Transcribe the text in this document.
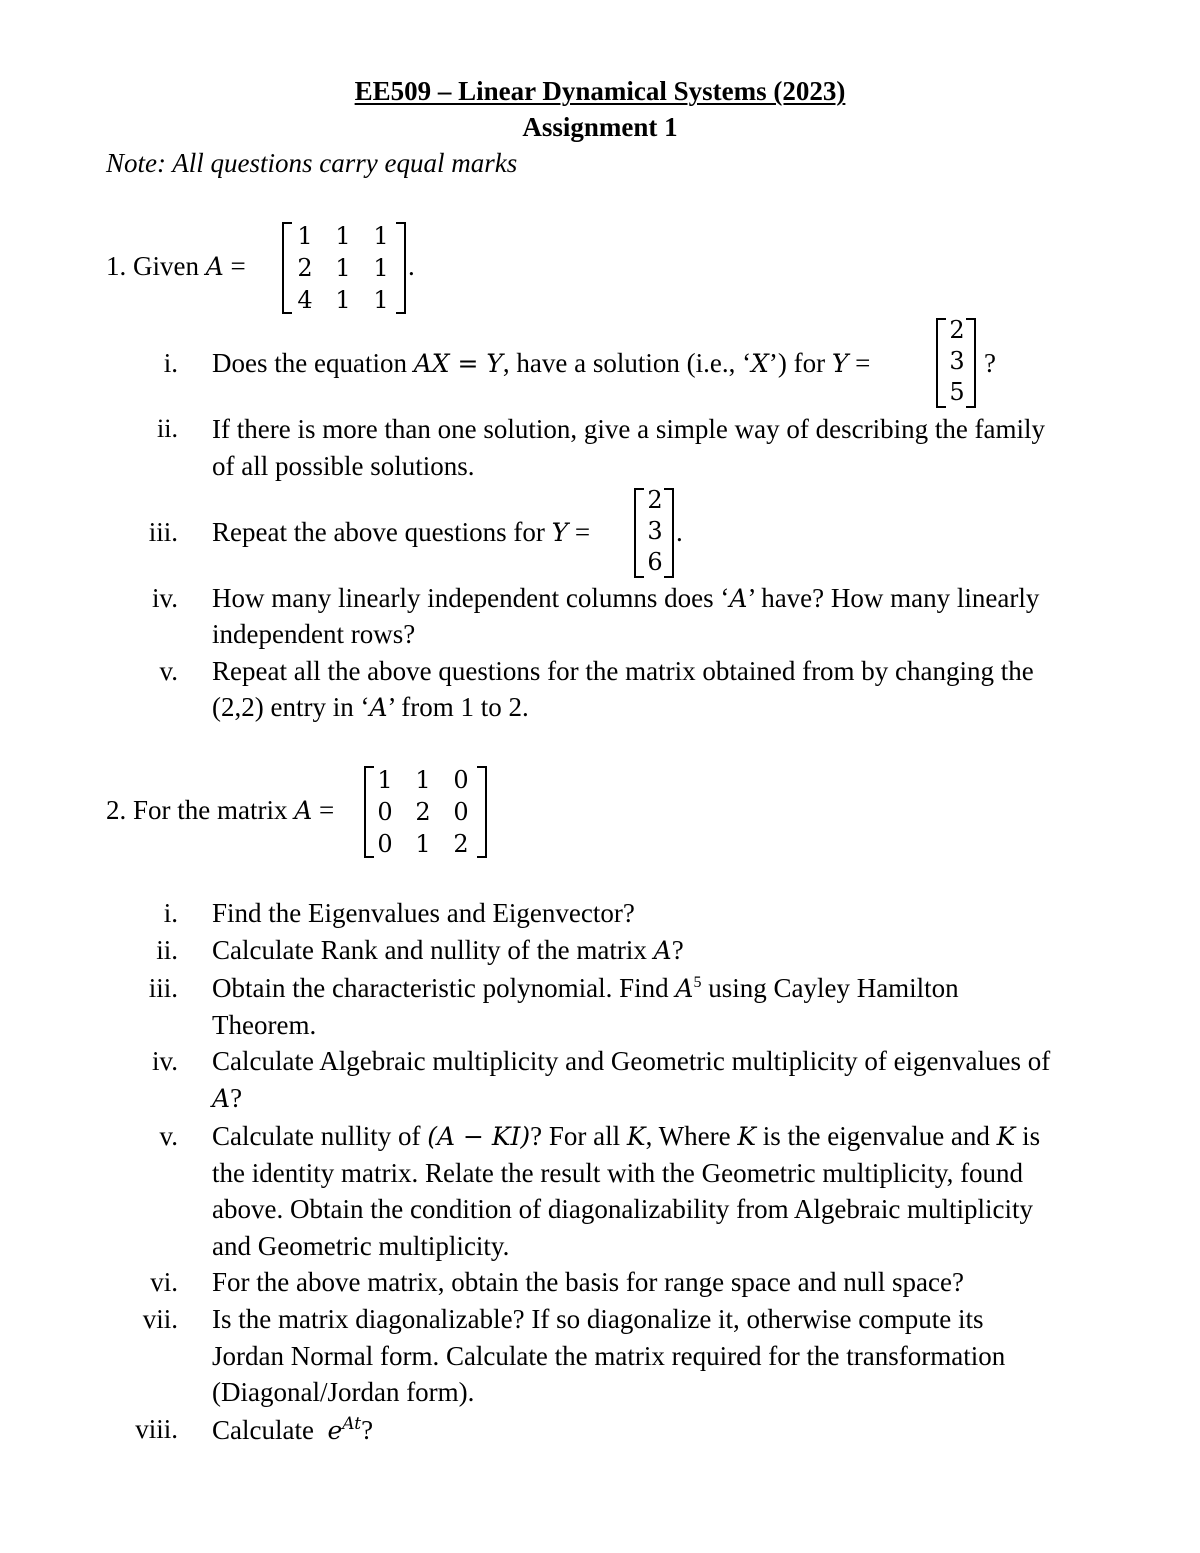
EE509 – Linear Dynamical Systems (2023)
Assignment 1
Note: All questions carry equal marks
1. Given A =
1 1 1
2 1 1
4 1 1
.
i. Does the equation AX = Y, have a solution (i.e., ‘X’) for Y =
2
3
5
?
ii. If there is more than one solution, give a simple way of describing the family
of all possible solutions.
iii. Repeat the above questions for Y =
2
3
6
.
iv. How many linearly independent columns does ‘A’ have? How many linearly
independent rows?
v. Repeat all the above questions for the matrix obtained from by changing the
(2,2) entry in ‘A’ from 1 to 2.
2. For the matrix A =
1 1 0
0 2 0
0 1 2
i. Find the Eigenvalues and Eigenvector?
ii. Calculate Rank and nullity of the matrix A?
iii. Obtain the characteristic polynomial. Find $A^5$ using Cayley Hamilton
Theorem.
iv. Calculate Algebraic multiplicity and Geometric multiplicity of eigenvalues of
A?
v. Calculate nullity of (A − KI)? For all K, Where K is the eigenvalue and K is
the identity matrix. Relate the result with the Geometric multiplicity, found
above. Obtain the condition of diagonalizability from Algebraic multiplicity
and Geometric multiplicity.
vi. For the above matrix, obtain the basis for range space and null space?
vii. Is the matrix diagonalizable? If so diagonalize it, otherwise compute its
Jordan Normal form. Calculate the matrix required for the transformation
(Diagonal/Jordan form).
viii. Calculate $e^{At}$?
